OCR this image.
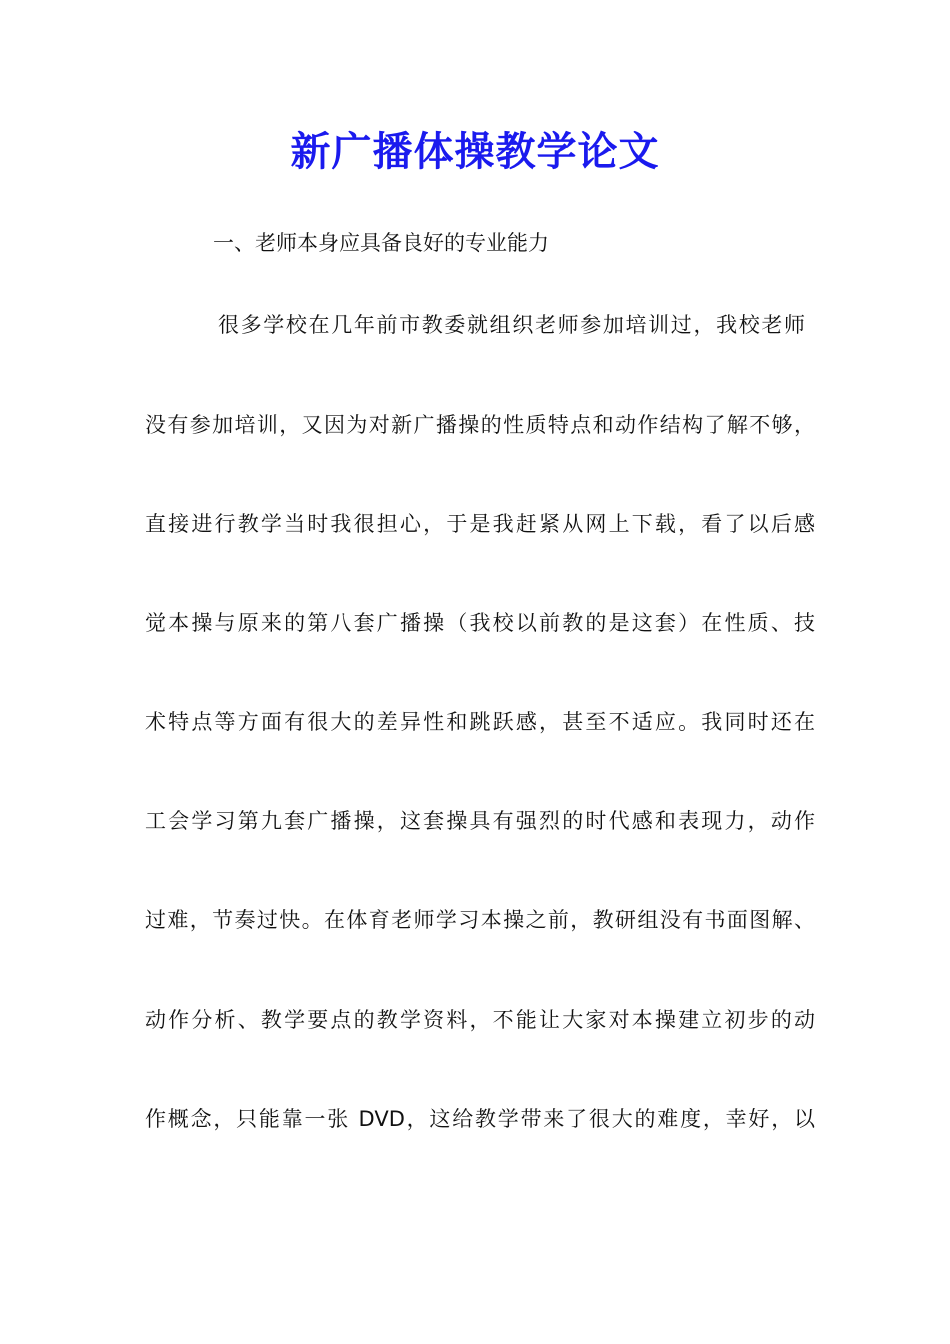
新广播体操教学论文
一、老师本身应具备良好的专业能力
很多学校在几年前市教委就组织老师参加培训过，我校老师
没有参加培训，又因为对新广播操的性质特点和动作结构了解不够，
直接进行教学当时我很担心，于是我赶紧从网上下载，看了以后感
觉本操与原来的第八套广播操（我校以前教的是这套）在性质、技
术特点等方面有很大的差异性和跳跃感，甚至不适应。我同时还在
工会学习第九套广播操，这套操具有强烈的时代感和表现力，动作
过难，节奏过快。在体育老师学习本操之前，教研组没有书面图解、
动作分析、教学要点的教学资料，不能让大家对本操建立初步的动
作概念，只能靠一张 DVD，这给教学带来了很大的难度，幸好，以
